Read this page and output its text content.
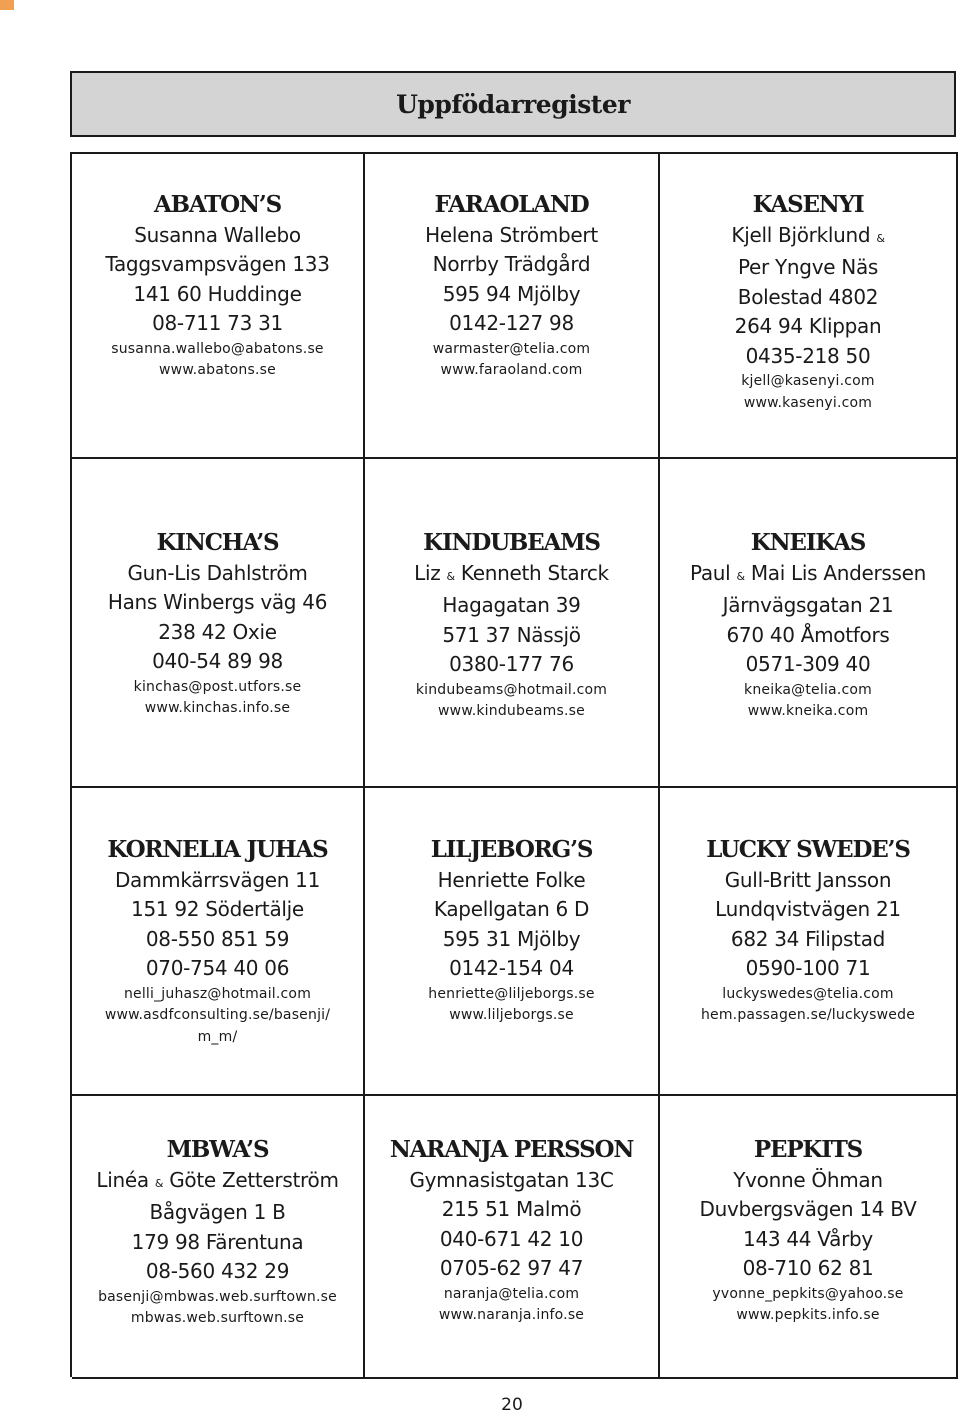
Uppfödarregister
ABATON’S
Susanna Wallebo
Taggsvampsvägen 133
141 60 Huddinge
08-711 73 31
susanna.wallebo@abatons.se
www.abatons.se
FARAOLAND
Helena Strömbert
Norrby Trädgård
595 94 Mjölby
0142-127 98
warmaster@telia.com
www.faraoland.com
KASENYI
Kjell Björklund &
Per Yngve Näs
Bolestad 4802
264 94 Klippan
0435-218 50
kjell@kasenyi.com
www.kasenyi.com
KINCHA’S
Gun-Lis Dahlström
Hans Winbergs väg 46
238 42 Oxie
040-54 89 98
kinchas@post.utfors.se
www.kinchas.info.se
KINDUBEAMS
Liz & Kenneth Starck
Hagagatan 39
571 37 Nässjö
0380-177 76
kindubeams@hotmail.com
www.kindubeams.se
KNEIKAS
Paul & Mai Lis Anderssen
Järnvägsgatan 21
670 40 Åmotfors
0571-309 40
kneika@telia.com
www.kneika.com
KORNELIA JUHAS
Dammkärrsvägen 11
151 92 Södertälje
08-550 851 59
070-754 40 06
nelli_juhasz@hotmail.com
www.asdfconsulting.se/basenji/
m_m/
LILJEBORG’S
Henriette Folke
Kapellgatan 6 D
595 31 Mjölby
0142-154 04
henriette@liljeborgs.se
www.liljeborgs.se
LUCKY SWEDE’S
Gull-Britt Jansson
Lundqvistvägen 21
682 34 Filipstad
0590-100 71
luckyswedes@telia.com
hem.passagen.se/luckyswede
MBWA’S
Linéa & Göte Zetterström
Bågvägen 1 B
179 98 Färentuna
08-560 432 29
basenji@mbwas.web.surftown.se
mbwas.web.surftown.se
NARANJA PERSSON
Gymnasistgatan 13C
215 51 Malmö
040-671 42 10
0705-62 97 47
naranja@telia.com
www.naranja.info.se
PEPKITS
Yvonne Öhman
Duvbergsvägen 14 BV
143 44 Vårby
08-710 62 81
yvonne_pepkits@yahoo.se
www.pepkits.info.se
20
